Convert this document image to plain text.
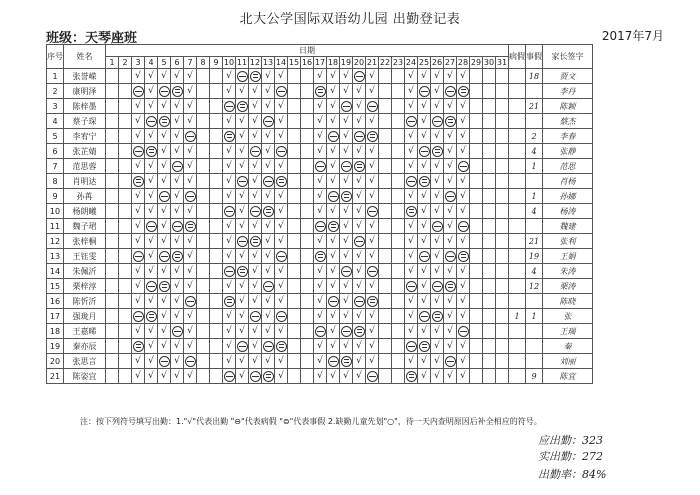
北大公学国际双语幼儿园 出勤登记表
班级：天琴座班	2017年7月
序号	姓名	日期																															病假	事假	家长签字
		1	2	3	4	5	6	7	8	9	10	11	12	13	14	15	16	17	18	19	20	21	22	23	24	25	26	27	28	29	30	31			
1	张誉嵘			√	√	√	√	√			√			√	√			√	√	√		√			√	√	√	√	√					18	贾文
2	康明泽				√			√			√	√	√	√					√	√	√	√			√		√								李丹
3	陈梓墨			√	√	√	√	√					√	√	√			√	√		√				√	√	√	√	√					21	陈颖
4	蔡子琛			√			√	√			√	√	√		√			√	√	√	√	√				√			√						蔡杰
5	李宥宁			√	√	√	√					√	√	√	√			√		√					√	√	√	√	√					2	李春
6	张芷婧					√	√	√			√	√		√				√	√	√	√	√			√			√	√					4	张静
7	范思蓉			√	√	√		√			√	√	√	√	√				√			√			√	√	√	√						1	范思
8	肖明达				√	√	√	√			√		√					√	√	√	√	√					√	√	√						肖杨
9	孙苒			√	√		√				√	√	√	√	√			√			√	√			√	√	√		√					1	孙娜
10	杨朗曦			√	√	√	√	√				√			√			√	√	√	√					√	√	√	√					4	杨涛
11	魏子珺			√		√					√	√	√	√	√					√	√	√			√	√		√							魏建
12	张梓桐			√	√	√	√	√			√			√	√			√	√	√		√			√	√	√	√	√					21	张利
13	王钰雯				√			√			√	√	√	√					√	√	√	√			√		√							19	王娟
14	朱佩沂			√	√	√	√	√					√	√	√			√	√		√				√	√	√	√	√					4	朱涛
15	栗梓淳			√			√	√			√	√	√		√			√	√	√	√	√				√			√					12	栗涛
16	陈忻沂			√	√	√	√					√	√	√	√			√		√					√	√	√	√	√						陈晓
17	强珑月					√	√	√			√	√		√				√	√	√	√	√			√			√	√				1	1	张
18	王嘉晞			√	√	√		√			√	√	√	√	√				√			√			√	√	√	√							王瑞
19	秦亦辰				√	√	√	√			√		√					√	√	√	√	√					√	√	√						秦
20	张思言			√	√		√				√	√	√	√	√			√			√	√			√	√	√		√						刘丽
21	陈姿宜			√	√	√	√	√				√			√			√	√	√	√					√	√	√	√					9	陈宜
注：按下列符号填写出勤：1."√"代表出勤 "⊖"代表病假 "⊜"代表事假 2.缺勤儿童先划"○"，待一天内查明原因后补全相应的符号。
应出勤：323
实出勤：272
出勤率：84%
